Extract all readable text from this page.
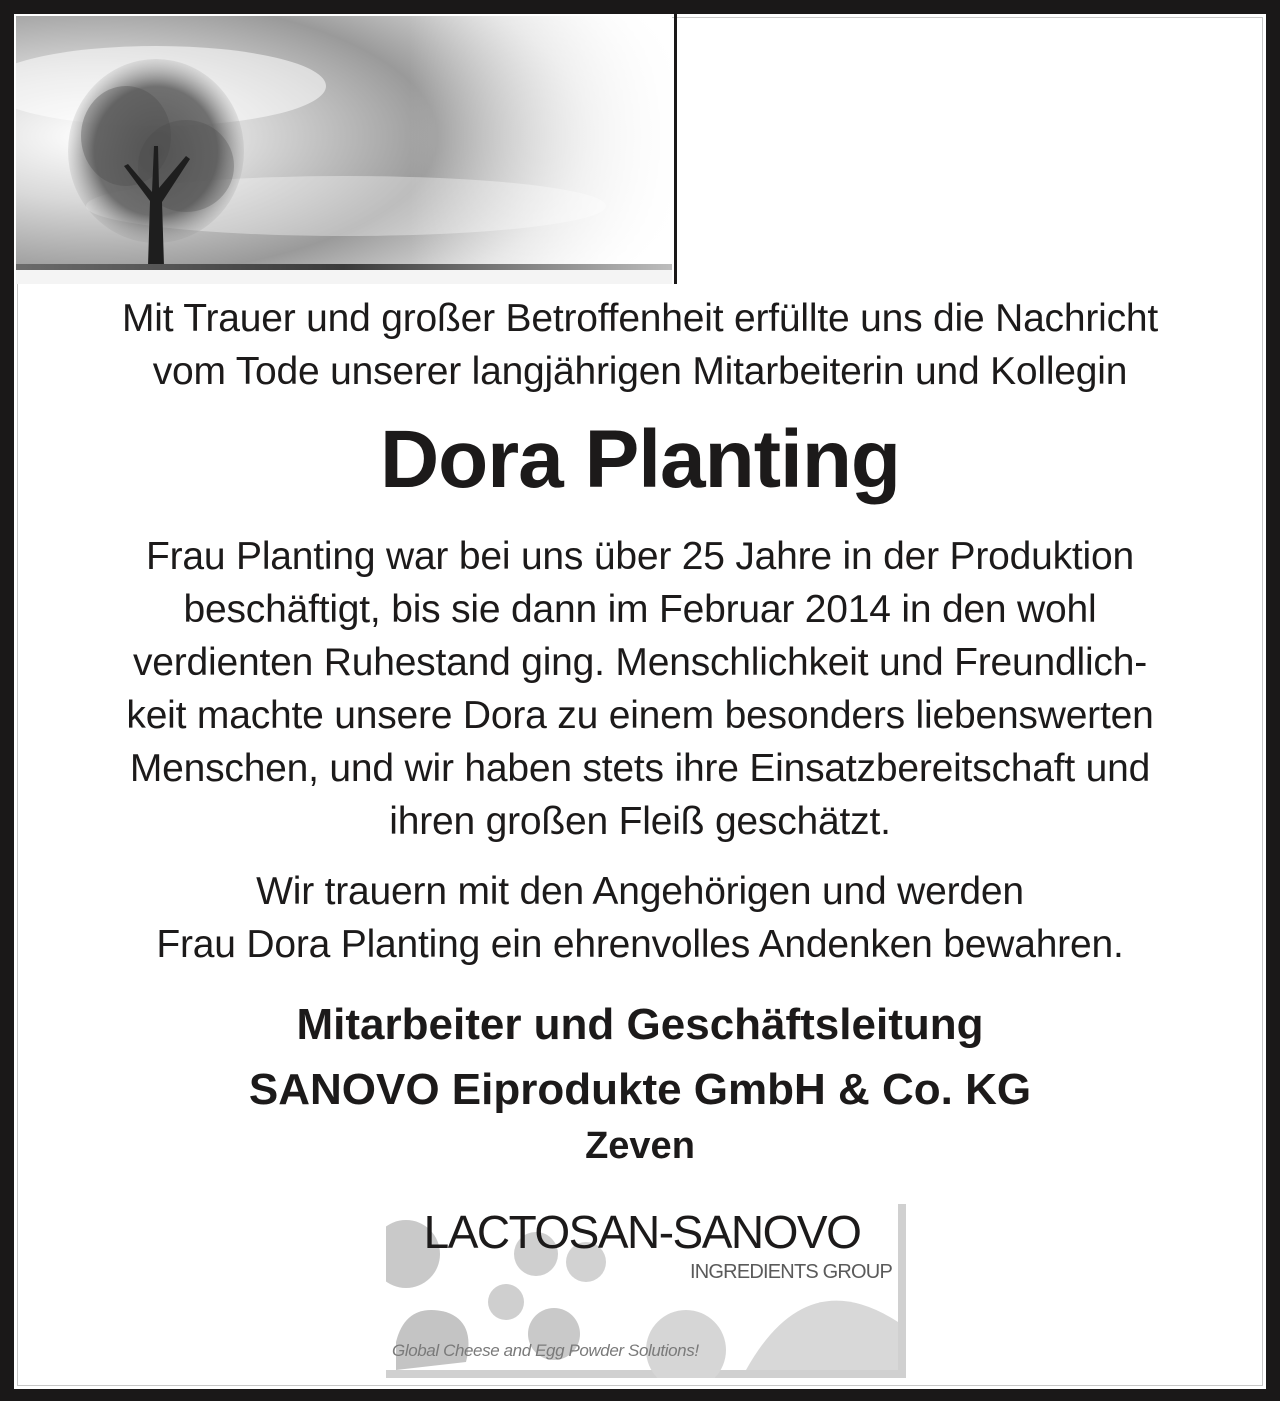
Mit Trauer und großer Betroffenheit erfüllte uns die Nachricht
vom Tode unserer langjährigen Mitarbeiterin und Kollegin
Dora Planting
Frau Planting war bei uns über 25 Jahre in der Produktion
beschäftigt, bis sie dann im Februar 2014 in den wohl
verdienten Ruhestand ging. Menschlichkeit und Freundlich-
keit machte unsere Dora zu einem besonders liebenswerten
Menschen, und wir haben stets ihre Einsatzbereitschaft und
ihren großen Fleiß geschätzt.
Wir trauern mit den Angehörigen und werden
Frau Dora Planting ein ehrenvolles Andenken bewahren.
Mitarbeiter und Geschäftsleitung
SANOVO Eiprodukte GmbH & Co. KG
Zeven
LACTOSAN-SANOVO
INGREDIENTS GROUP
Global Cheese and Egg Powder Solutions!
